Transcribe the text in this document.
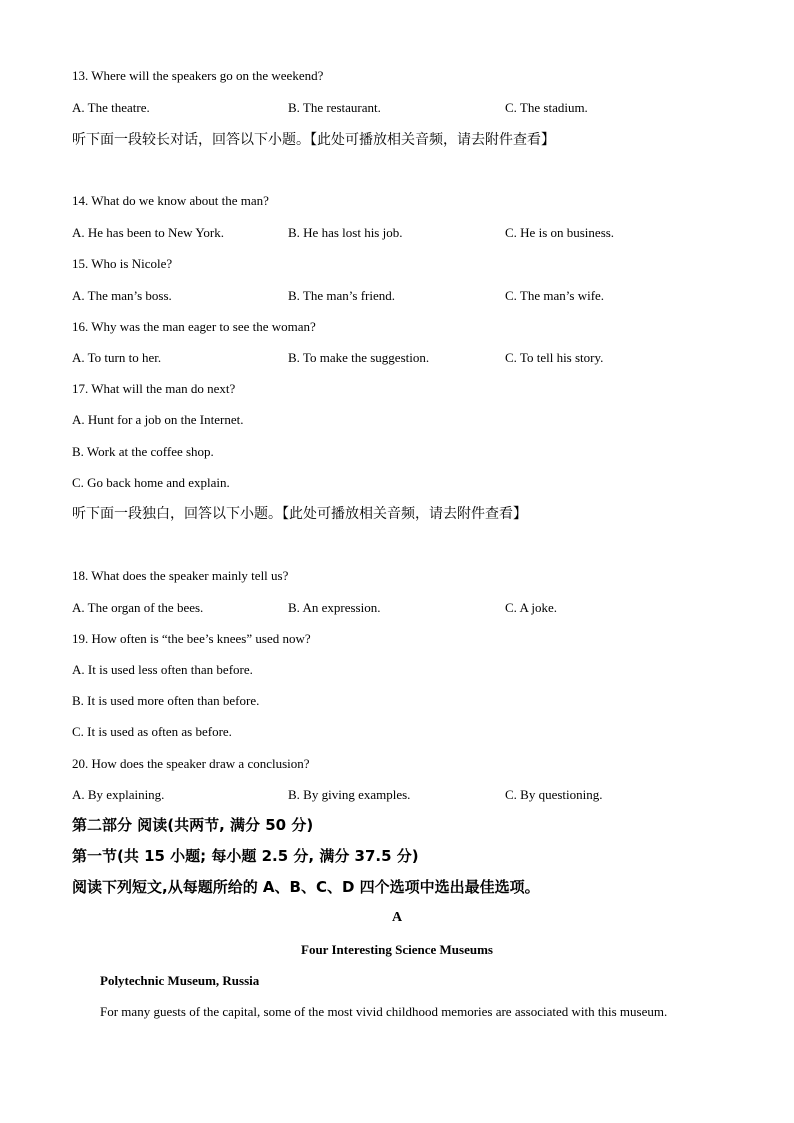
13. Where will the speakers go on the weekend?
A. The theatre.	B. The restaurant.	C. The stadium.
听下面一段较长对话，回答以下小题。【此处可播放相关音频，请去附件查看】
14. What do we know about the man?
A. He has been to New York.	B. He has lost his job.	C. He is on business.
15. Who is Nicole?
A. The man’s boss.	B. The man’s friend.	C. The man’s wife.
16. Why was the man eager to see the woman?
A. To turn to her.	B. To make the suggestion.	C. To tell his story.
17. What will the man do next?
A. Hunt for a job on the Internet.
B. Work at the coffee shop.
C. Go back home and explain.
听下面一段独白，回答以下小题。【此处可播放相关音频，请去附件查看】
18. What does the speaker mainly tell us?
A. The organ of the bees.	B. An expression.	C. A joke.
19. How often is “the bee’s knees” used now?
A. It is used less often than before.
B. It is used more often than before.
C. It is used as often as before.
20. How does the speaker draw a conclusion?
A. By explaining.	B. By giving examples.	C. By questioning.
第二部分 阅读(共两节, 满分 50 分)
第一节(共 15 小题; 每小题 2.5 分, 满分 37.5 分)
阅读下列短文,从每题所给的 A、B、C、D 四个选项中选出最佳选项。
A
Four Interesting Science Museums
Polytechnic Museum, Russia
For many guests of the capital, some of the most vivid childhood memories are associated with this museum.
